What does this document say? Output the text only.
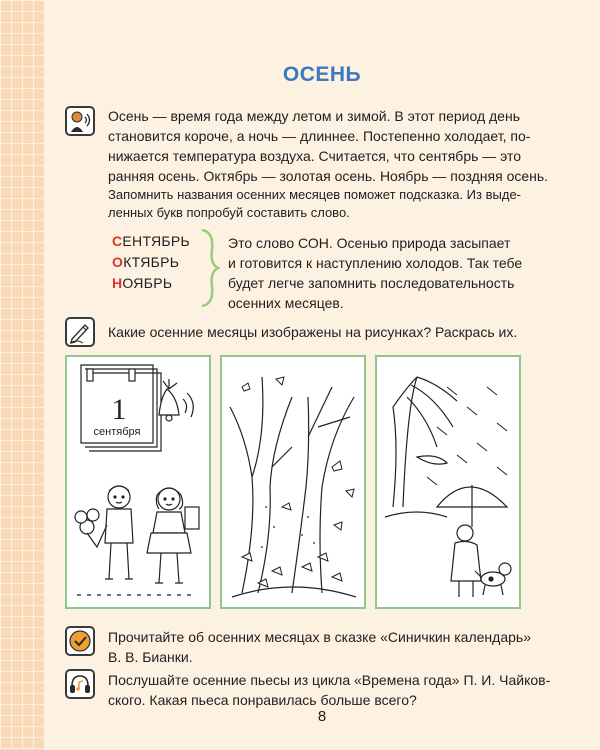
ОСЕНЬ
Осень — время года между летом и зимой. В этот период день
становится короче, а ночь — длиннее. Постепенно холодает, по-
нижается температура воздуха. Считается, что сентябрь — это
ранняя осень. Октябрь — золотая осень. Ноябрь — поздняя осень.
Запомнить названия осенних месяцев поможет подсказка. Из выде-
ленных букв попробуй составить слово.
СЕНТЯБРЬ
ОКТЯБРЬ
НОЯБРЬ
Это слово СОН. Осенью природа засыпает
и готовится к наступлению холодов. Так тебе
будет легче запомнить последовательность
осенних месяцев.
Какие осенние месяцы изображены на рисунках? Раскрась их.
1
сентября
Прочитайте об осенних месяцах в сказке «Синичкин календарь»
В. В. Бианки.
Послушайте осенние пьесы из цикла «Времена года» П. И. Чайков-
ского. Какая пьеса понравилась больше всего?
8
